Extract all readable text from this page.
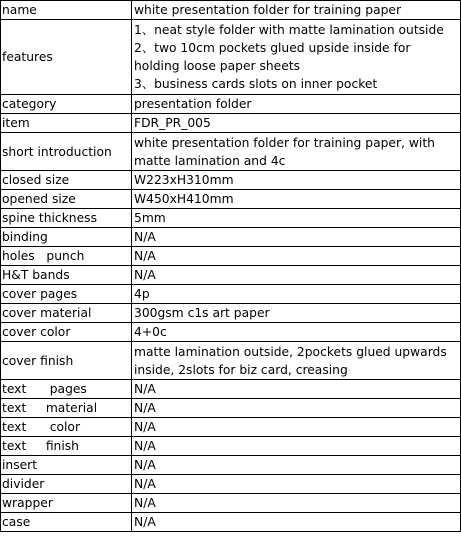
name	white presentation folder for training paper
features	1、neat style folder with matte lamination outside
2、two 10cm pockets glued upside inside for holding loose paper sheets
3、business cards slots on inner pocket
category	presentation folder
item	FDR_PR_005
short introduction	white presentation folder for training paper, with matte lamination and 4c
closed size	W223xH310mm
opened size	W450xH410mm
spine thickness	5mm
binding	N/A
holes   punch	N/A
H&T bands	N/A
cover pages	4p
cover material	300gsm c1s art paper
cover color	4+0c
cover finish	matte lamination outside, 2pockets glued upwards inside, 2slots for biz card, creasing
text      pages	N/A
text     material	N/A
text      color	N/A
text     finish	N/A
insert	N/A
divider	N/A
wrapper	N/A
case	N/A
